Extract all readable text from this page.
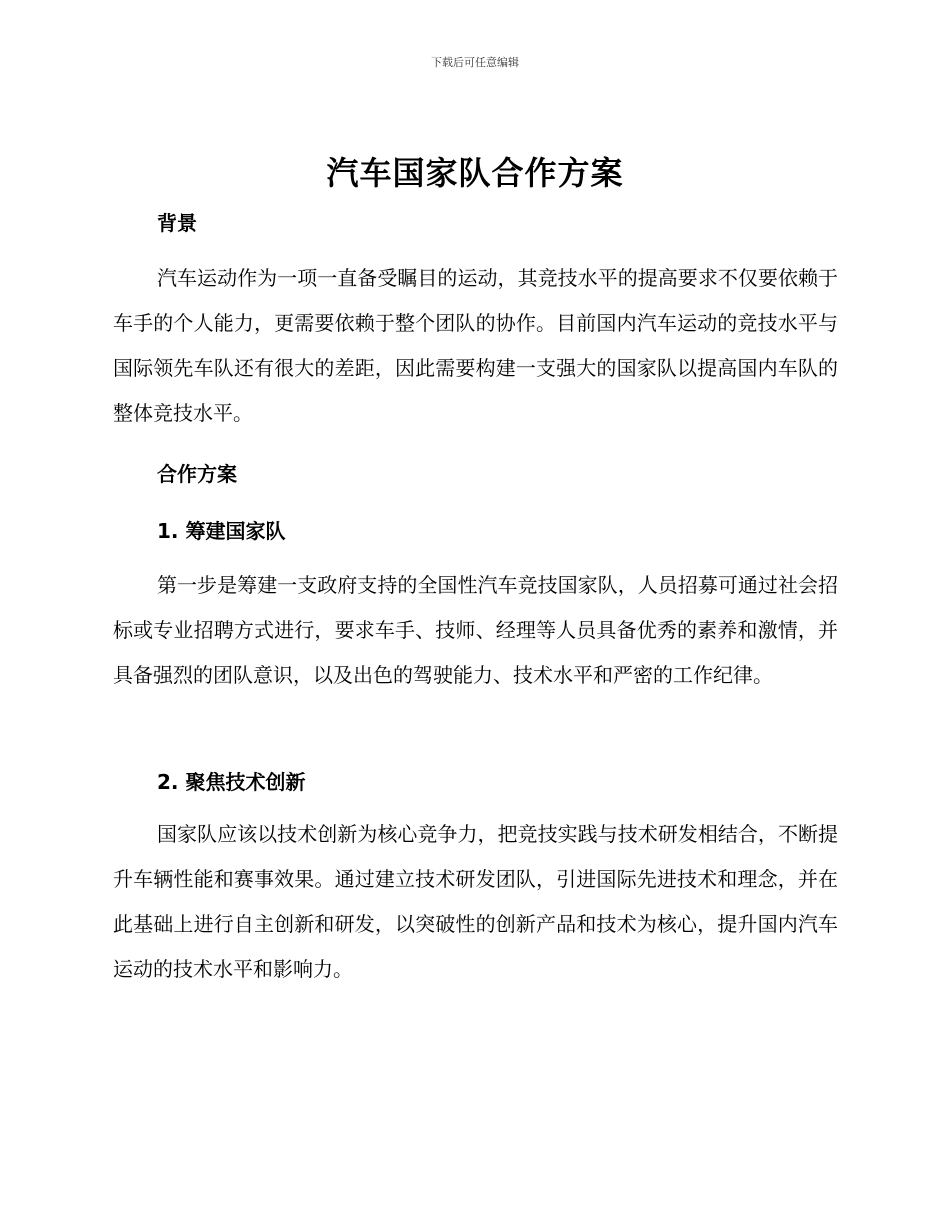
下载后可任意编辑
汽车国家队合作方案
背景

汽车运动作为一项一直备受瞩目的运动，其竞技水平的提高要求不仅要依赖于车手的个人能力，更需要依赖于整个团队的协作。目前国内汽车运动的竞技水平与国际领先车队还有很大的差距，因此需要构建一支强大的国家队以提高国内车队的整体竞技水平。

合作方案
1. 筹建国家队

第一步是筹建一支政府支持的全国性汽车竞技国家队，人员招募可通过社会招标或专业招聘方式进行，要求车手、技师、经理等人员具备优秀的素养和激情，并具备强烈的团队意识，以及出色的驾驶能力、技术水平和严密的工作纪律。

2. 聚焦技术创新

国家队应该以技术创新为核心竞争力，把竞技实践与技术研发相结合，不断提升车辆性能和赛事效果。通过建立技术研发团队，引进国际先进技术和理念，并在此基础上进行自主创新和研发，以突破性的创新产品和技术为核心，提升国内汽车运动的技术水平和影响力。
